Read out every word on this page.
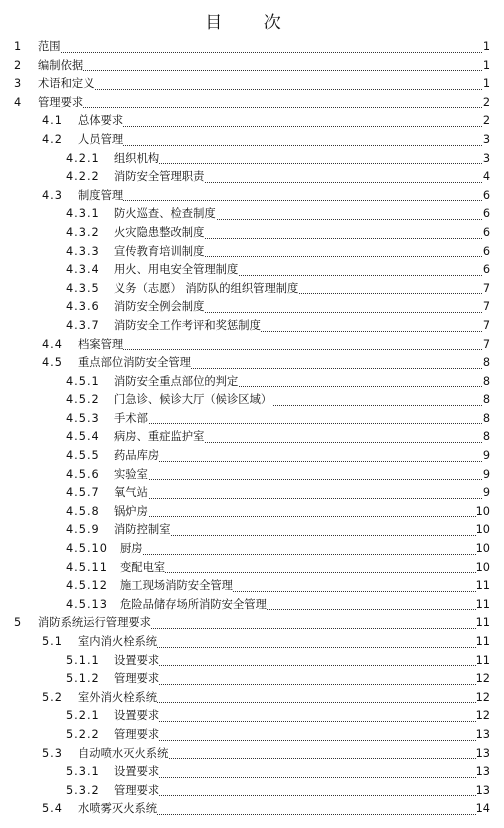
目 次
1 范围	1
2 编制依据	1
3 术语和定义	1
4 管理要求	2
4.1 总体要求	2
4.2 人员管理	3
4.2.1 组织机构	3
4.2.2 消防安全管理职责	4
4.3 制度管理	6
4.3.1 防火巡查、检查制度	6
4.3.2 火灾隐患整改制度	6
4.3.3 宣传教育培训制度	6
4.3.4 用火、用电安全管理制度	6
4.3.5 义务（志愿） 消防队的组织管理制度	7
4.3.6 消防安全例会制度	7
4.3.7 消防安全工作考评和奖惩制度	7
4.4 档案管理	7
4.5 重点部位消防安全管理	8
4.5.1 消防安全重点部位的判定	8
4.5.2 门急诊、候诊大厅（候诊区域）	8
4.5.3 手术部	8
4.5.4 病房、重症监护室	8
4.5.5 药品库房	9
4.5.6 实验室	9
4.5.7 氧气站	9
4.5.8 锅炉房	10
4.5.9 消防控制室	10
4.5.10 厨房	10
4.5.11 变配电室	10
4.5.12 施工现场消防安全管理	11
4.5.13 危险品储存场所消防安全管理	11
5 消防系统运行管理要求	11
5.1 室内消火栓系统	11
5.1.1 设置要求	11
5.1.2 管理要求	12
5.2 室外消火栓系统	12
5.2.1 设置要求	12
5.2.2 管理要求	13
5.3 自动喷水灭火系统	13
5.3.1 设置要求	13
5.3.2 管理要求	13
5.4 水喷雾灭火系统	14
